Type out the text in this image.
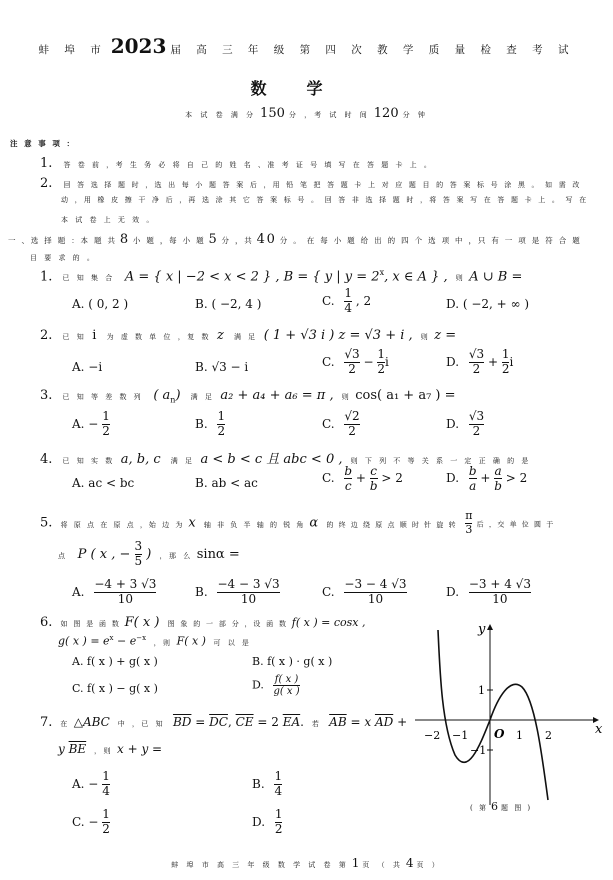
蚌 埠 市 2023 届 高 三 年 级 第 四 次 教 学 质 量 检 查 考 试
数学
本 试 卷 满 分 150 分 ，考 试 时 间 120 分 钟
注 意 事 项 ：
1. 答 卷 前 ，考 生 务 必 将 自 己 的 姓 名 、准 考 证 号 填 写 在 答 题 卡 上 。
2. 回 答 选 择 题 时 ，选 出 每 小 题 答 案 后 ，用 铅 笔 把 答 题 卡 上 对 应 题 目 的 答 案 标 号 涂 黑 。 如 需 改
动 ，用 橡 皮 擦 干 净 后 ，再 选 涂 其 它 答 案 标 号 。 回 答 非 选 择 题 时 ，将 答 案 写 在 答 题 卡 上 。 写 在
本 试 卷 上 无 效 。
一 、选 择 题 ：本 题 共 8 小 题 ，每 小 题 5 分 ，共 40 分 。 在 每 小 题 给 出 的 四 个 选 项 中 ，只 有 一 项 是 符 合 题
目 要 求 的 。
1. 已 知 集 合 A = { x | −2 < x < 2 } , B = { y | $y = 2^x$, x ∈ A } , 则 A ∪ B =
A. ( 0, 2 )	B. ( −2, 4 )	C. $\frac{1}{4}$ , 2	D. ( −2, + ∞ )
2. 已 知 i 为 虚 数 单 位 ，复 数 z 满 足 ( 1 + √3 i ) z = √3 + i , 则 z =
A. −i	B. √3 − i	C. $\frac{√3}{2} - \frac{1}{2}$ i	D. $\frac{√3}{2} + \frac{1}{2}$ i
3. 已 知 等 差 数 列 ( $a_n$) 满 足 a₂ + a₄ + a₆ = π , 则 cos( a₁ + a₇ ) =
A. − $\frac{1}{2}$	B. $\frac{1}{2}$	C. $\frac{√2}{2}$	D. $\frac{√3}{2}$
4. 已 知 实 数 a, b, c 满 足 a < b < c 且 abc < 0 , 则 下 列 不 等 关 系 一 定 正 确 的 是
A. ac < bc	B. ab < ac	C. $\frac{b}{c} + \frac{c}{b} > 2$	D. $\frac{b}{a} + \frac{a}{b} > 2$
5. 将 原 点 在 原 点 ，始 边 为 x 轴 非 负 半 轴 的 锐 角 α 的 终 边 绕 原 点 顺 时 针 旋 转 $\frac{\pi}{3}$ 后 ，交 单 位 圆 于
点 P ( x , − $\frac{3}{5}$ ) ，那 么 sinα =
A. $\frac{-4 + 3 √3}{10}$	B. $\frac{-4 - 3 √3}{10}$	C. $\frac{-3 - 4 √3}{10}$	D. $\frac{-3 + 4 √3}{10}$
6. 如 图 是 函 数 F( x ) 图 象 的 一 部 分 ，设 函 数 f( x ) = cosx ,
g( x ) = $e^x - e^{-x}$ ，则 F( x ) 可 以 是
A. f( x ) + g( x )	B. f( x ) · g( x )
C. f( x ) − g( x )	D. $\frac{f( x )}{g( x )}$
7. 在 △ABC 中 ，已 知 $\overline{BD} = \overline{DC}$, $\overline{CE} = 2$ $\overline{EA}$. 若 $\overline{AB} = x$ $\overline{AD}$ +
y $\overline{BE}$ ，则 x + y =
A. − $\frac{1}{4}$	B. $\frac{1}{4}$
C. − $\frac{1}{2}$	D. $\frac{1}{2}$
x
y
O
−2 −1	1 2
1
−1
( 第 6 题 图 )
蚌 埠 市 高 三 年 级 数 学 试 卷 第 1 页 （ 共 4 页 ）
